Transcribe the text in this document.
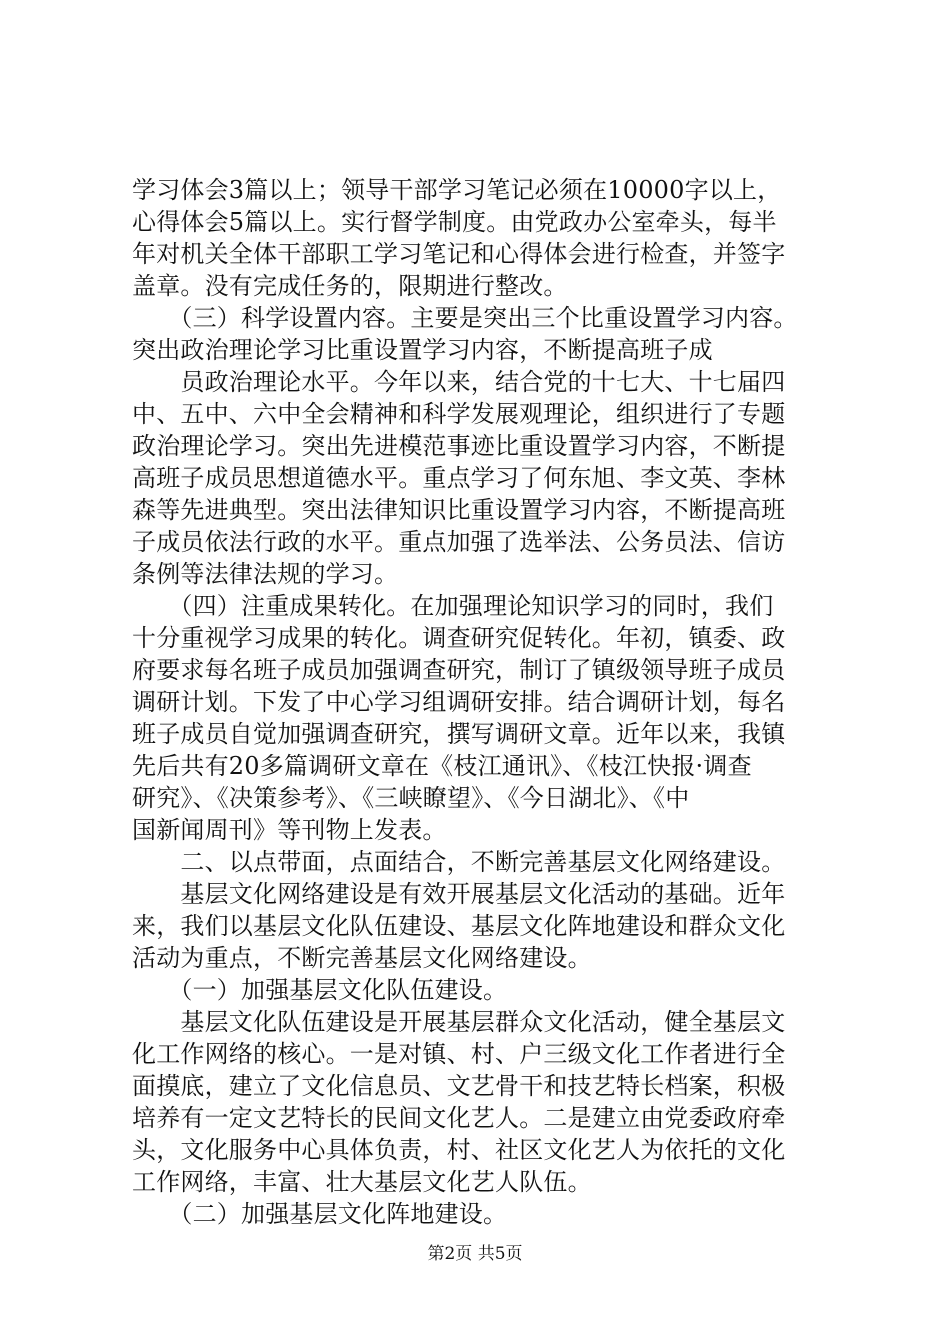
学习体会3篇以上；领导干部学习笔记必须在10000字以上，
心得体会5篇以上。实行督学制度。由党政办公室牵头，每半
年对机关全体干部职工学习笔记和心得体会进行检查，并签字
盖章。没有完成任务的，限期进行整改。
　　（三）科学设置内容。主要是突出三个比重设置学习内容。
突出政治理论学习比重设置学习内容，不断提高班子成
　　员政治理论水平。今年以来，结合党的十七大、十七届四
中、五中、六中全会精神和科学发展观理论，组织进行了专题
政治理论学习。突出先进模范事迹比重设置学习内容，不断提
高班子成员思想道德水平。重点学习了何东旭、李文英、李林
森等先进典型。突出法律知识比重设置学习内容，不断提高班
子成员依法行政的水平。重点加强了选举法、公务员法、信访
条例等法律法规的学习。
　　（四）注重成果转化。在加强理论知识学习的同时，我们
十分重视学习成果的转化。调查研究促转化。年初，镇委、政
府要求每名班子成员加强调查研究，制订了镇级领导班子成员
调研计划。下发了中心学习组调研安排。结合调研计划，每名
班子成员自觉加强调查研究，撰写调研文章。近年以来，我镇
先后共有20多篇调研文章在《枝江通讯》、《枝江快报·调查
研究》、《决策参考》、《三峡瞭望》、《今日湖北》、《中
国新闻周刊》等刊物上发表。
　　二、以点带面，点面结合，不断完善基层文化网络建设。
　　基层文化网络建设是有效开展基层文化活动的基础。近年
来，我们以基层文化队伍建设、基层文化阵地建设和群众文化
活动为重点，不断完善基层文化网络建设。
　　（一）加强基层文化队伍建设。
　　基层文化队伍建设是开展基层群众文化活动，健全基层文
化工作网络的核心。一是对镇、村、户三级文化工作者进行全
面摸底，建立了文化信息员、文艺骨干和技艺特长档案，积极
培养有一定文艺特长的民间文化艺人。二是建立由党委政府牵
头，文化服务中心具体负责，村、社区文化艺人为依托的文化
工作网络，丰富、壮大基层文化艺人队伍。
　　（二）加强基层文化阵地建设。
第2页 共5页
